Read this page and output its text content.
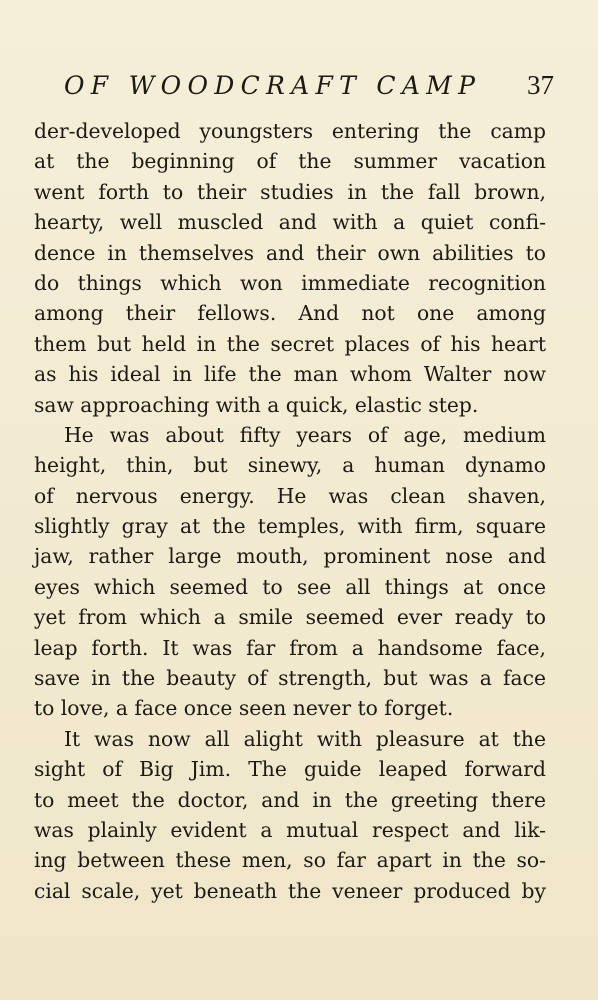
OF WOODCRAFT CAMP 37
der-developed youngsters entering the camp
at the beginning of the summer vacation
went forth to their studies in the fall brown,
hearty, well muscled and with a quiet confi-
dence in themselves and their own abilities to
do things which won immediate recognition
among their fellows. And not one among
them but held in the secret places of his heart
as his ideal in life the man whom Walter now
saw approaching with a quick, elastic step.
He was about fifty years of age, medium
height, thin, but sinewy, a human dynamo
of nervous energy. He was clean shaven,
slightly gray at the temples, with firm, square
jaw, rather large mouth, prominent nose and
eyes which seemed to see all things at once
yet from which a smile seemed ever ready to
leap forth. It was far from a handsome face,
save in the beauty of strength, but was a face
to love, a face once seen never to forget.
It was now all alight with pleasure at the
sight of Big Jim. The guide leaped forward
to meet the doctor, and in the greeting there
was plainly evident a mutual respect and lik-
ing between these men, so far apart in the so-
cial scale, yet beneath the veneer produced by
